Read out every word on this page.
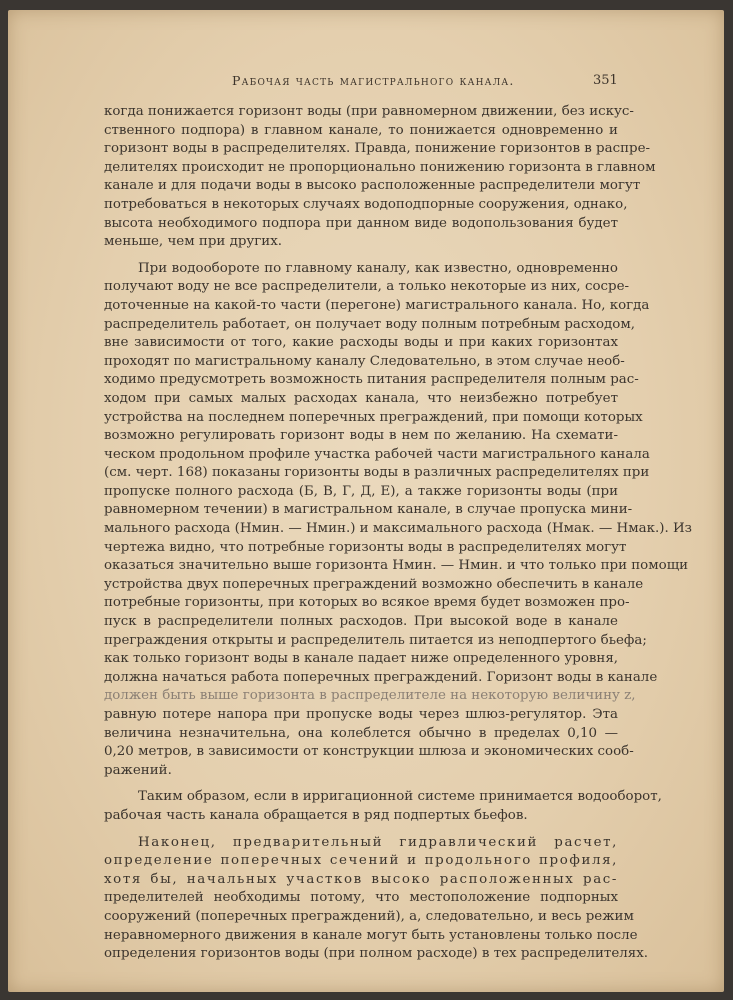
Рабочая часть магистрального канала.	351
когда понижается горизонт воды (при равномерном движении, без искус-
ственного подпора) в главном канале, то понижается одновременно и
горизонт воды в распределителях. Правда, понижение горизонтов в распре-
делителях происходит не пропорционально понижению горизонта в главном
канале и для подачи воды в высоко расположенные распределители могут
потребоваться в некоторых случаях водоподпорные сооружения, однако,
высота необходимого подпора при данном виде водопользования будет
меньше, чем при других.
При водообороте по главному каналу, как известно, одновременно
получают воду не все распределители, а только некоторые из них, сосре-
доточенные на какой-то части (перегоне) магистрального канала. Но, когда
распределитель работает, он получает воду полным потребным расходом,
вне зависимости от того, какие расходы воды и при каких горизонтах
проходят по магистральному каналу Следовательно, в этом случае необ-
ходимо предусмотреть возможность питания распределителя полным рас-
ходом при самых малых расходах канала, что неизбежно потребует
устройства на последнем поперечных преграждений, при помощи которых
возможно регулировать горизонт воды в нем по желанию. На схемати-
ческом продольном профиле участка рабочей части магистрального канала
(см. черт. 168) показаны горизонты воды в различных распределителях при
пропуске полного расхода (Б, В, Г, Д, Е), а также горизонты воды (при
равномерном течении) в магистральном канале, в случае пропуска мини-
мального расхода (Hмин. — Hмин.) и максимального расхода (Hмак. — Hмак.). Из
чертежа видно, что потребные горизонты воды в распределителях могут
оказаться значительно выше горизонта Hмин. — Hмин. и что только при помощи
устройства двух поперечных преграждений возможно обеспечить в канале
потребные горизонты, при которых во всякое время будет возможен про-
пуск в распределители полных расходов. При высокой воде в канале
преграждения открыты и распределитель питается из неподпертого бьефа;
как только горизонт воды в канале падает ниже определенного уровня,
должна начаться работа поперечных преграждений. Горизонт воды в канале
должен быть выше горизонта в распределителе на некоторую величину z,
равную потере напора при пропуске воды через шлюз-регулятор. Эта
величина незначительна, она колеблется обычно в пределах 0,10 —
0,20 метров, в зависимости от конструкции шлюза и экономических сооб-
ражений.
Таким образом, если в ирригационной системе принимается водооборот,
рабочая часть канала обращается в ряд подпертых бьефов.
Наконец, предварительный гидравлический расчет,
определение поперечных сечений и продольного профиля,
хотя бы, начальных участков высоко расположенных рас-
пределителей необходимы потому, что местоположение подпорных
сооружений (поперечных преграждений), а, следовательно, и весь режим
неравномерного движения в канале могут быть установлены только после
определения горизонтов воды (при полном расходе) в тех распределителях.
